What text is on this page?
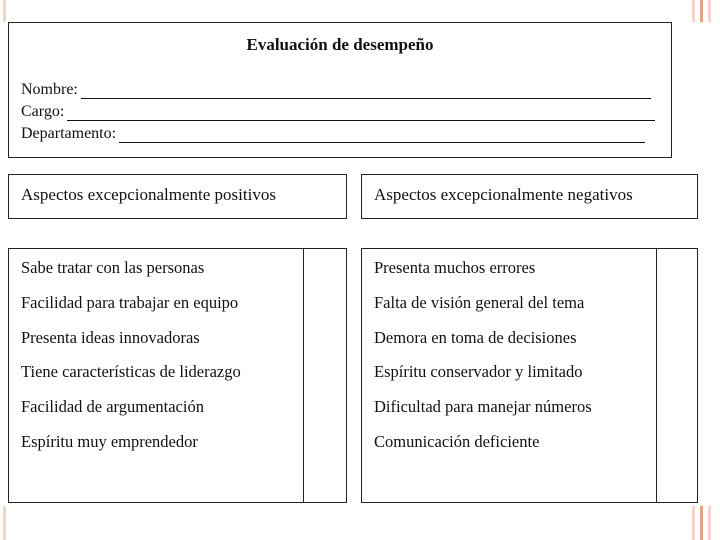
Evaluación de desempeño
Nombre:
Cargo:
Departamento:
Aspectos excepcionalmente positivos	Aspectos excepcionalmente negativos
Sabe tratar con las personas
Facilidad para trabajar en equipo
Presenta ideas innovadoras
Tiene características de liderazgo
Facilidad de argumentación
Espíritu muy emprendedor
Presenta muchos errores
Falta de visión general del tema
Demora en toma de decisiones
Espíritu conservador y limitado
Dificultad para manejar números
Comunicación deficiente
